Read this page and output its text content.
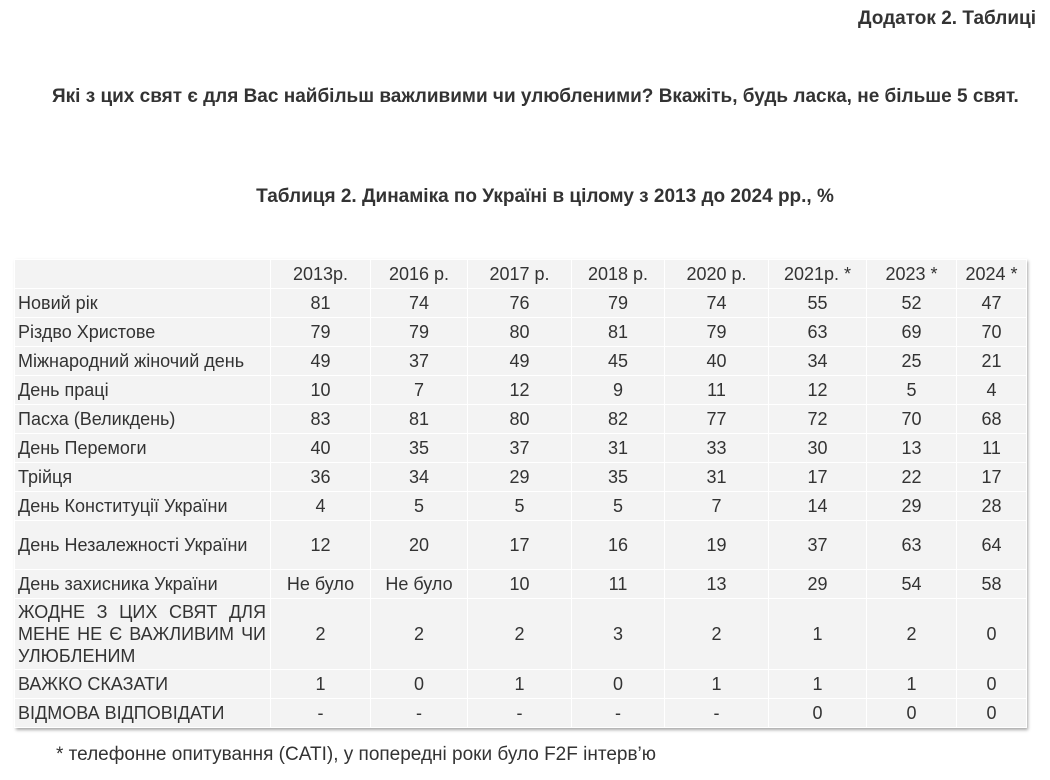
Додаток 2. Таблиці

Які з цих свят є для Вас найбільш важливими чи улюбленими? Вкажіть, будь ласка, не більше 5 свят.

Таблиця 2. Динаміка по Україні в цілому з 2013 до 2024 рр., %

	2013р.	2016 р.	2017 р.	2018 р.	2020 р.	2021р. *	2023 *	2024 *
Новий рік	81	74	76	79	74	55	52	47
Різдво Христове	79	79	80	81	79	63	69	70
Міжнародний жіночий день	49	37	49	45	40	34	25	21
День праці	10	7	12	9	11	12	5	4
Пасха (Великдень)	83	81	80	82	77	72	70	68
День Перемоги	40	35	37	31	33	30	13	11
Трійця	36	34	29	35	31	17	22	17
День Конституції України	4	5	5	5	7	14	29	28
День Незалежності України	12	20	17	16	19	37	63	64
День захисника України	Не було	Не було	10	11	13	29	54	58
ЖОДНЕ З ЦИХ СВЯТ ДЛЯ МЕНЕ НЕ Є ВАЖЛИВИМ ЧИ УЛЮБЛЕНИМ	2	2	2	3	2	1	2	0
ВАЖКО СКАЗАТИ	1	0	1	0	1	1	1	0
ВІДМОВА ВІДПОВІДАТИ	-	-	-	-	-	0	0	0

* телефонне опитування (CATI), у попередні роки було F2F інтерв’ю
